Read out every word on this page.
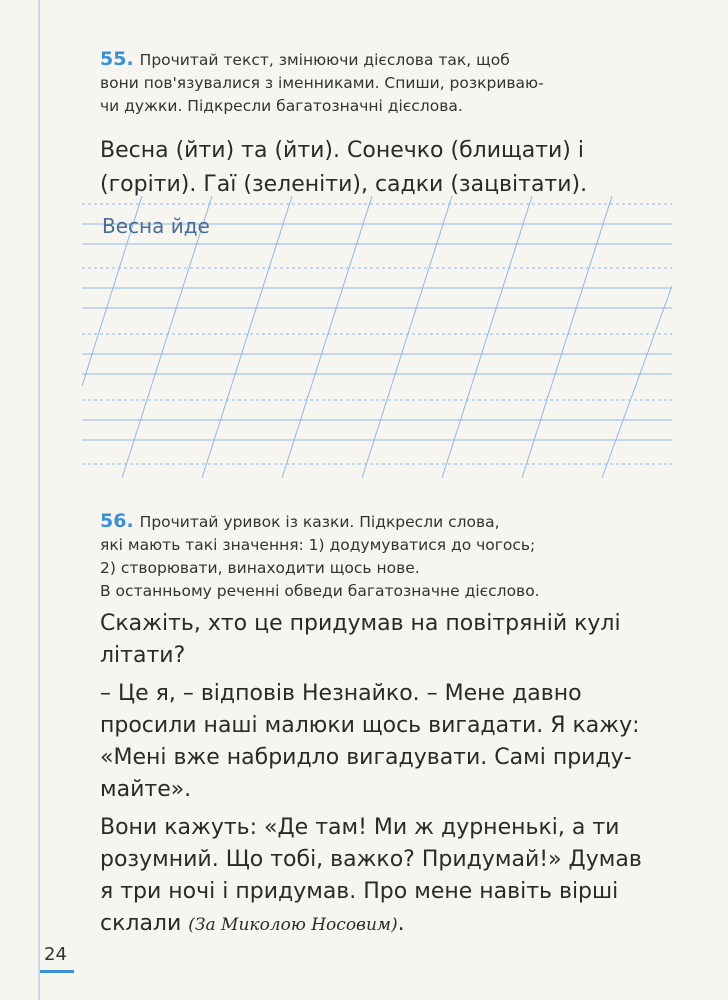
55. Прочитай текст, змінюючи дієслова так, щоб
вони пов'язувалися з іменниками. Спиши, розкриваю-
чи дужки. Підкресли багатозначні дієслова.

Весна (йти) та (йти). Сонечко (блищати) і

(горіти). Гаї (зеленіти), садки (зацвітати).

Весна йде
56. Прочитай уривок із казки. Підкресли слова,
які мають такі значення: 1) додумуватися до чогось;
2) створювати, винаходити щось нове.
В останньому реченні обведи багатозначне дієслово.

Скажіть, хто це придумав на повітряній кулі

літати?

– Це я, – відповів Незнайко. – Мене давно

просили наші малюки щось вигадати. Я кажу:

«Мені вже набридло вигадувати. Самі приду-

майте».

Вони кажуть: «Де там! Ми ж дурненькі, а ти

розумний. Що тобі, важко? Придумай!» Думав

я три ночі і придумав. Про мене навіть вірші

склали (За Миколою Носовим).

24
